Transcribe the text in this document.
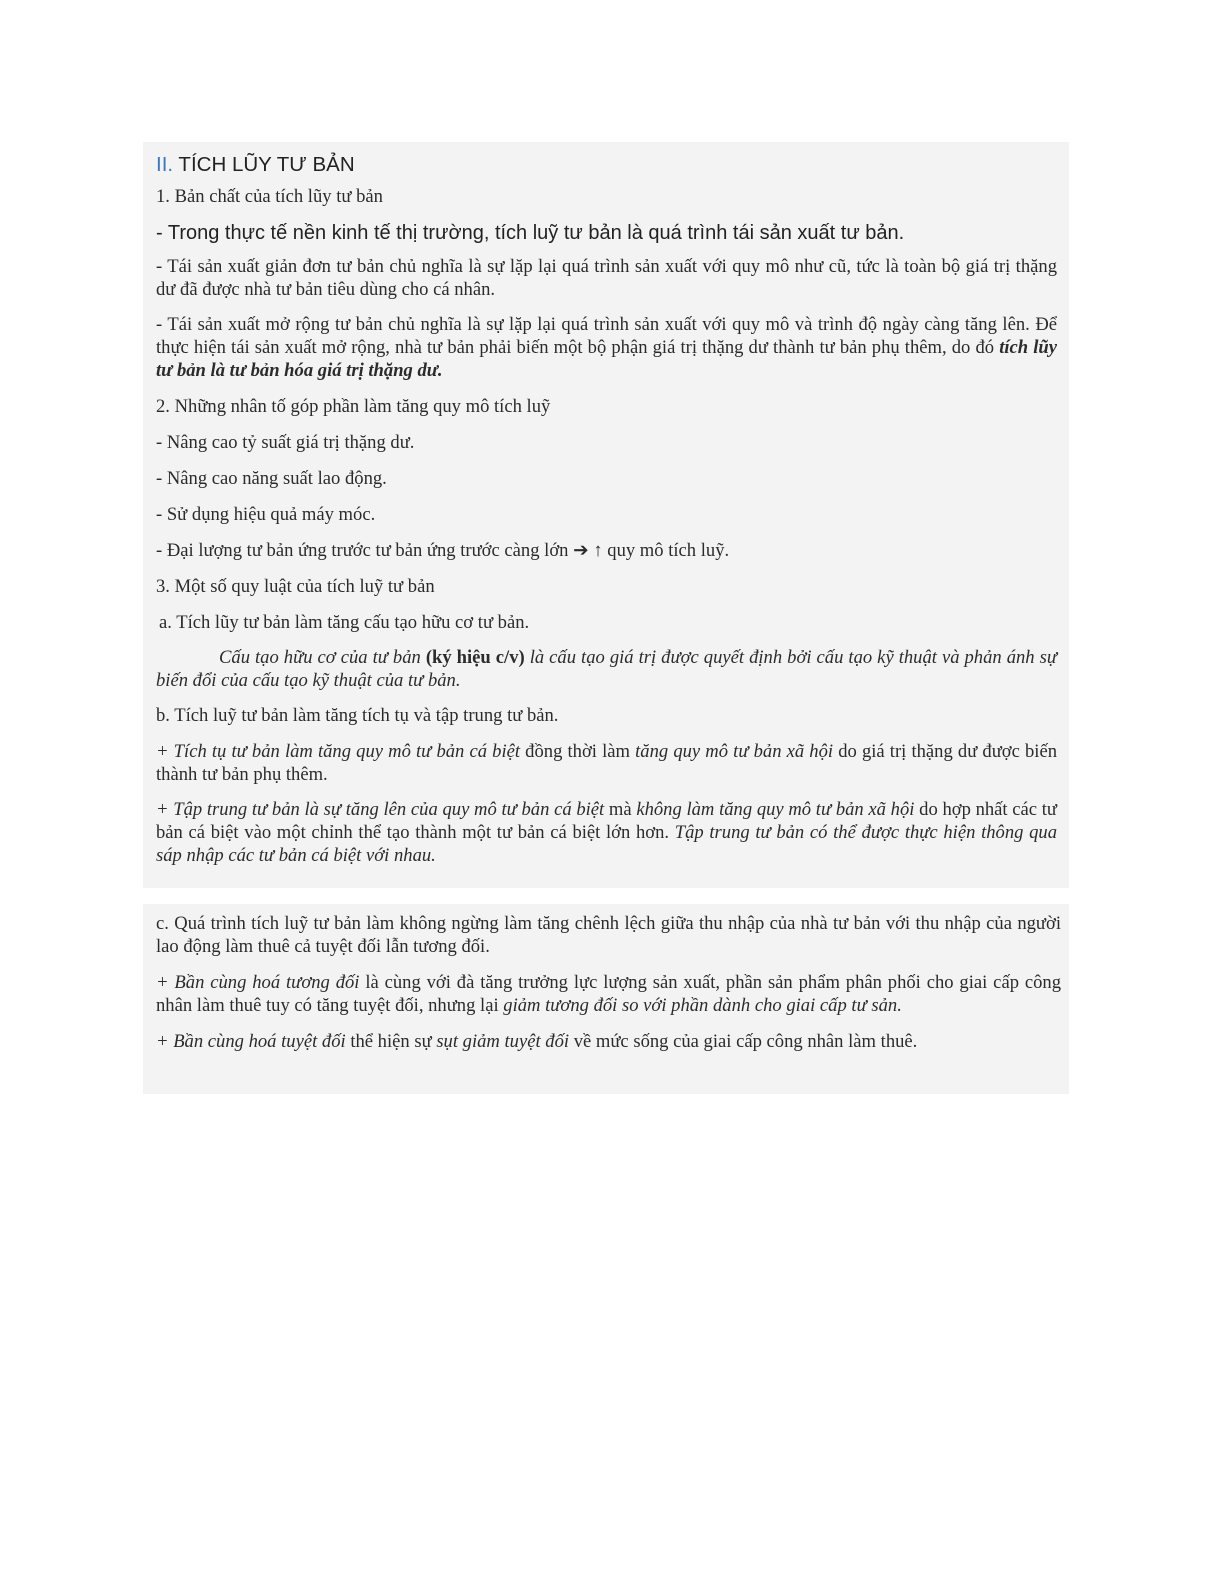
II. TÍCH LŨY TƯ BẢN

1. Bản chất của tích lũy tư bản

- Trong thực tế nền kinh tế thị trường, tích luỹ tư bản là quá trình tái sản xuất tư bản.

- Tái sản xuất giản đơn tư bản chủ nghĩa là sự lặp lại quá trình sản xuất với quy mô như cũ, tức là toàn bộ giá trị thặng dư đã được nhà tư bản tiêu dùng cho cá nhân.

- Tái sản xuất mở rộng tư bản chủ nghĩa là sự lặp lại quá trình sản xuất với quy mô và trình độ ngày càng tăng lên. Để thực hiện tái sản xuất mở rộng, nhà tư bản phải biến một bộ phận giá trị thặng dư thành tư bản phụ thêm, do đó tích lũy tư bản là tư bản hóa giá trị thặng dư.

2. Những nhân tố góp phần làm tăng quy mô tích luỹ

- Nâng cao tỷ suất giá trị thặng dư.

- Nâng cao năng suất lao động.

- Sử dụng hiệu quả máy móc.

- Đại lượng tư bản ứng trước tư bản ứng trước càng lớn ➔ ↑ quy mô tích luỹ.

3. Một số quy luật của tích luỹ tư bản

a. Tích lũy tư bản làm tăng cấu tạo hữu cơ tư bản.

Cấu tạo hữu cơ của tư bản (ký hiệu c/v) là cấu tạo giá trị được quyết định bởi cấu tạo kỹ thuật và phản ánh sự biến đổi của cấu tạo kỹ thuật của tư bản.

b. Tích luỹ tư bản làm tăng tích tụ và tập trung tư bản.

+ Tích tụ tư bản làm tăng quy mô tư bản cá biệt đồng thời làm tăng quy mô tư bản xã hội do giá trị thặng dư được biến thành tư bản phụ thêm.

+ Tập trung tư bản là sự tăng lên của quy mô tư bản cá biệt mà không làm tăng quy mô tư bản xã hội do hợp nhất các tư bản cá biệt vào một chỉnh thể tạo thành một tư bản cá biệt lớn hơn. Tập trung tư bản có thể được thực hiện thông qua sáp nhập các tư bản cá biệt với nhau.

c. Quá trình tích luỹ tư bản làm không ngừng làm tăng chênh lệch giữa thu nhập của nhà tư bản với thu nhập của người lao động làm thuê cả tuyệt đối lẫn tương đối.

+ Bần cùng hoá tương đối là cùng với đà tăng trưởng lực lượng sản xuất, phần sản phẩm phân phối cho giai cấp công nhân làm thuê tuy có tăng tuyệt đối, nhưng lại giảm tương đối so với phần dành cho giai cấp tư sản.

+ Bần cùng hoá tuyệt đối thể hiện sự sụt giảm tuyệt đối về mức sống của giai cấp công nhân làm thuê.
